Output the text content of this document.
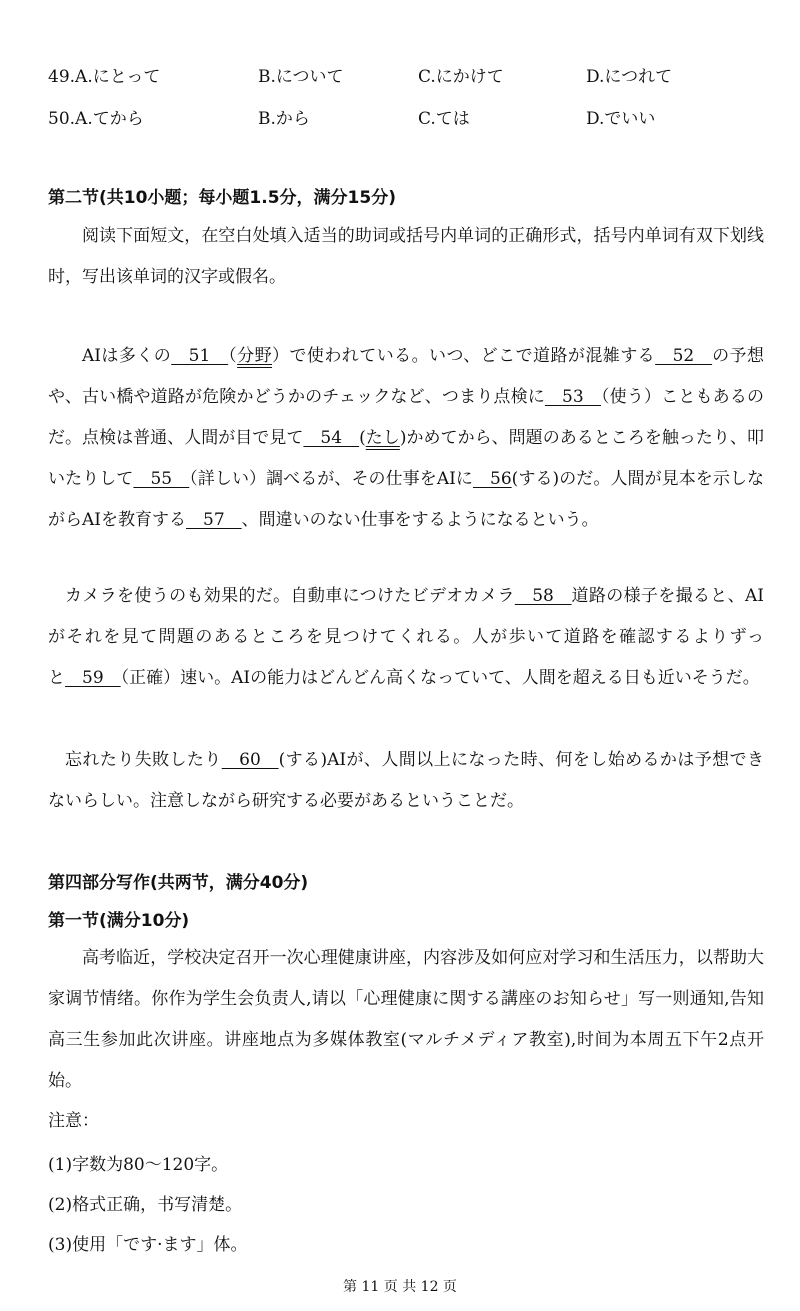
49.A.にとって	B.について	C.にかけて	D.につれて
50.A.てから	B.から	C.ては	D.でいい
第二节(共10小题；每小题1.5分，满分15分)
阅读下面短文，在空白处填入适当的助词或括号内单词的正确形式，括号内单词有双下划线时，写出该单词的汉字或假名。
AIは多くの　51　（分野）で使われている。いつ、どこで道路が混雑する　52　の予想や、古い橋や道路が危険かどうかのチェックなど、つまり点検に　53　（使う）こともあるのだ。点検は普通、人間が目で見て　54　(たし)かめてから、問題のあるところを触ったり、叩いたりして　55　（詳しい）調べるが、その仕事をAIに　56(する)のだ。人間が見本を示しながらAIを教育する　57　、間違いのない仕事をするようになるという。
カメラを使うのも効果的だ。自動車につけたビデオカメラ　58　道路の様子を撮ると、AIがそれを見て問題のあるところを見つけてくれる。人が歩いて道路を確認するよりずっと　59　（正確）速い。AIの能力はどんどん高くなっていて、人間を超える日も近いそうだ。
忘れたり失敗したり　60　(する)AIが、人間以上になった時、何をし始めるかは予想できないらしい。注意しながら研究する必要があるということだ。
第四部分写作(共两节，满分40分)
第一节(满分10分)
高考临近，学校决定召开一次心理健康讲座，内容涉及如何应对学习和生活压力，以帮助大家调节情绪。你作为学生会负责人,请以「心理健康に関する講座のお知らせ」写一则通知,告知高三生参加此次讲座。讲座地点为多媒体教室(マルチメディア教室),时间为本周五下午2点开始。
注意：
(1)字数为80～120字。
(2)格式正确，书写清楚。
(3)使用「です·ます」体。
第 11 页 共 12 页
